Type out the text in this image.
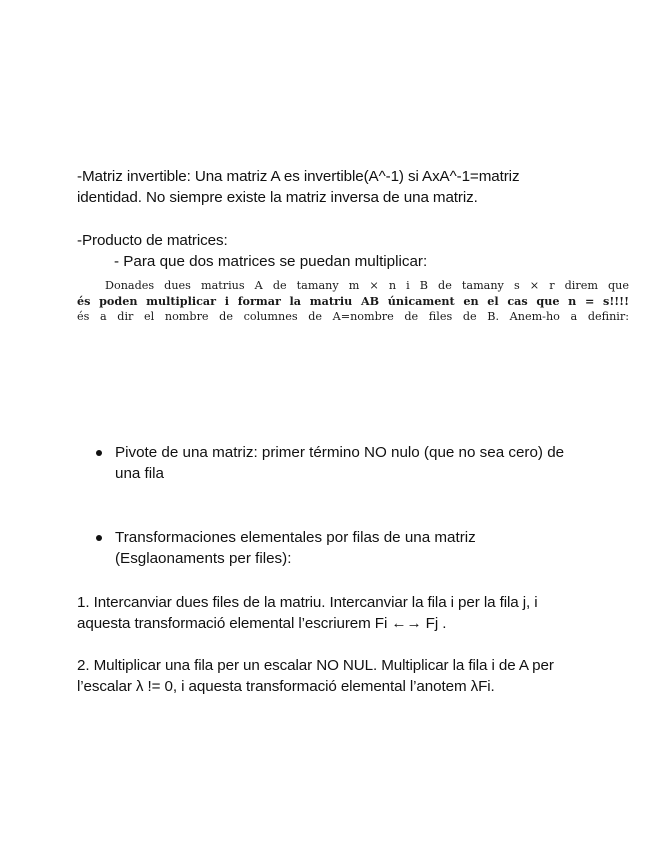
-Matriz invertible: Una matriz A es invertible(A^-1) si AxA^-1=matriz identidad. No siempre existe la matriz inversa de una matriz.

-Producto de matrices:

- Para que dos matrices se puedan multiplicar:

Donades dues matrius A de tamany m × n i B de tamany s × r direm que
és poden multiplicar i formar la matriu AB únicament en el cas que n = s!!!!
és a dir el nombre de columnes de A=nombre de files de B. Anem-ho a definir:
Pivote de una matriz: primer término NO nulo (que no sea cero) de una fila
Transformaciones elementales por filas de una matriz (Esglaonaments per files):

1. Intercanviar dues files de la matriu. Intercanviar la fila i per la fila j, i aquesta transformació elemental l’escriurem Fi ←→ Fj .

2. Multiplicar una fila per un escalar NO NUL. Multiplicar la fila i de A per l’escalar λ != 0, i aquesta transformació elemental l’anotem λFi.
